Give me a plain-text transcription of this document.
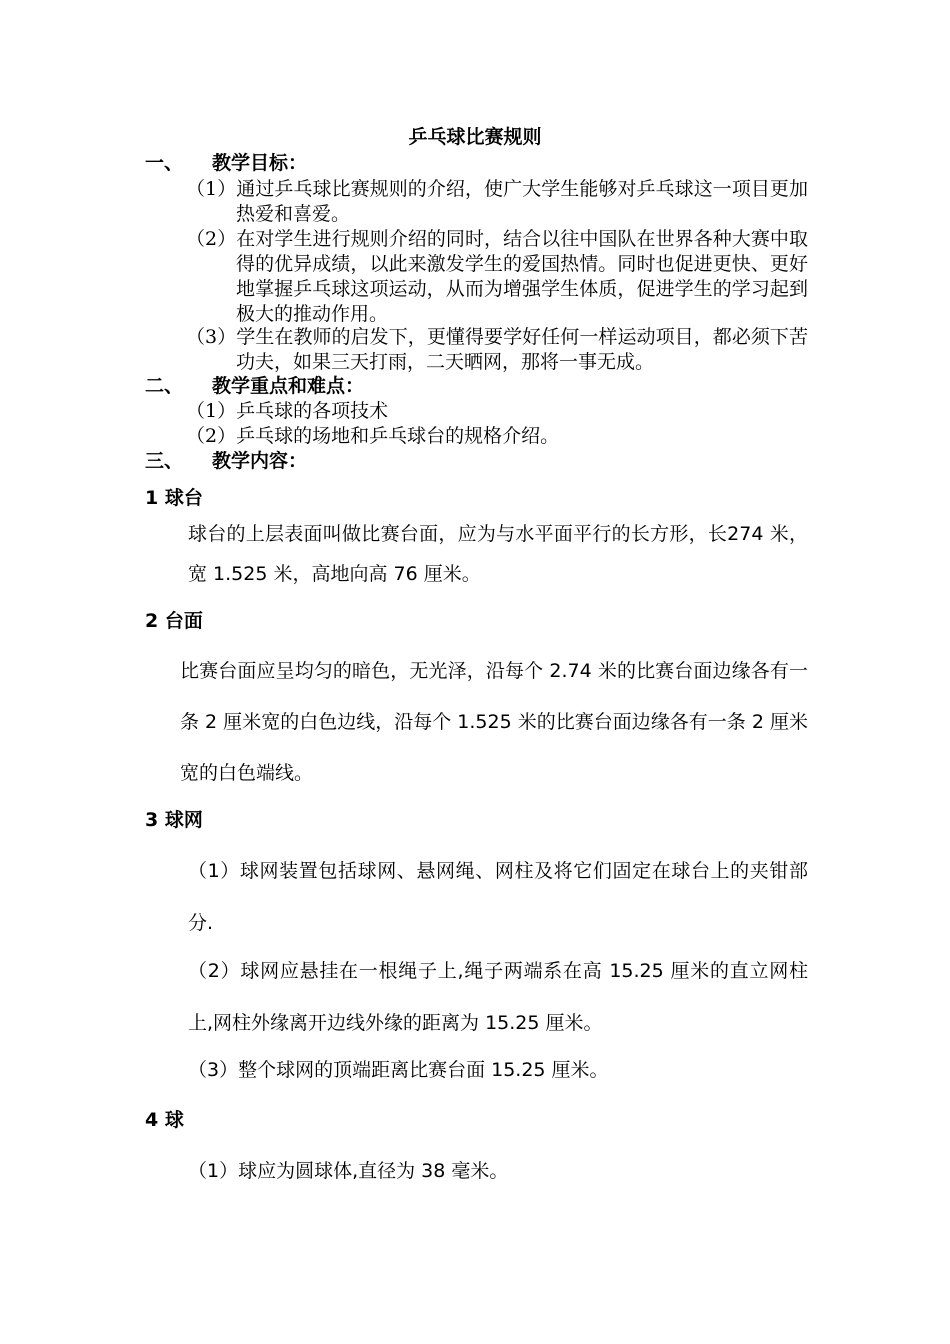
乒乓球比赛规则
一、 教学目标：
（1）通过乒乓球比赛规则的介绍，使广大学生能够对乒乓球这一项目更加热爱和喜爱。
（2）在对学生进行规则介绍的同时，结合以往中国队在世界各种大赛中取得的优异成绩，以此来激发学生的爱国热情。同时也促进更快、更好地掌握乒乓球这项运动，从而为增强学生体质，促进学生的学习起到极大的推动作用。
（3）学生在教师的启发下，更懂得要学好任何一样运动项目，都必须下苦功夫，如果三天打雨，二天晒网，那将一事无成。
二、 教学重点和难点：
（1）乒乓球的各项技术
（2）乒乓球的场地和乒乓球台的规格介绍。
三、 教学内容：
1 球台
球台的上层表面叫做比赛台面，应为与水平面平行的长方形，长274 米，宽 1.525 米，高地向高 76 厘米。
2 台面
比赛台面应呈均匀的暗色，无光泽，沿每个 2.74 米的比赛台面边缘各有一条 2 厘米宽的白色边线，沿每个 1.525 米的比赛台面边缘各有一条 2 厘米宽的白色端线。
3 球网
（1）球网装置包括球网、悬网绳、网柱及将它们固定在球台上的夹钳部分.
（2）球网应悬挂在一根绳子上,绳子两端系在高 15.25 厘米的直立网柱上,网柱外缘离开边线外缘的距离为 15.25 厘米。
（3）整个球网的顶端距离比赛台面 15.25 厘米。
4 球
（1）球应为圆球体,直径为 38 毫米。
